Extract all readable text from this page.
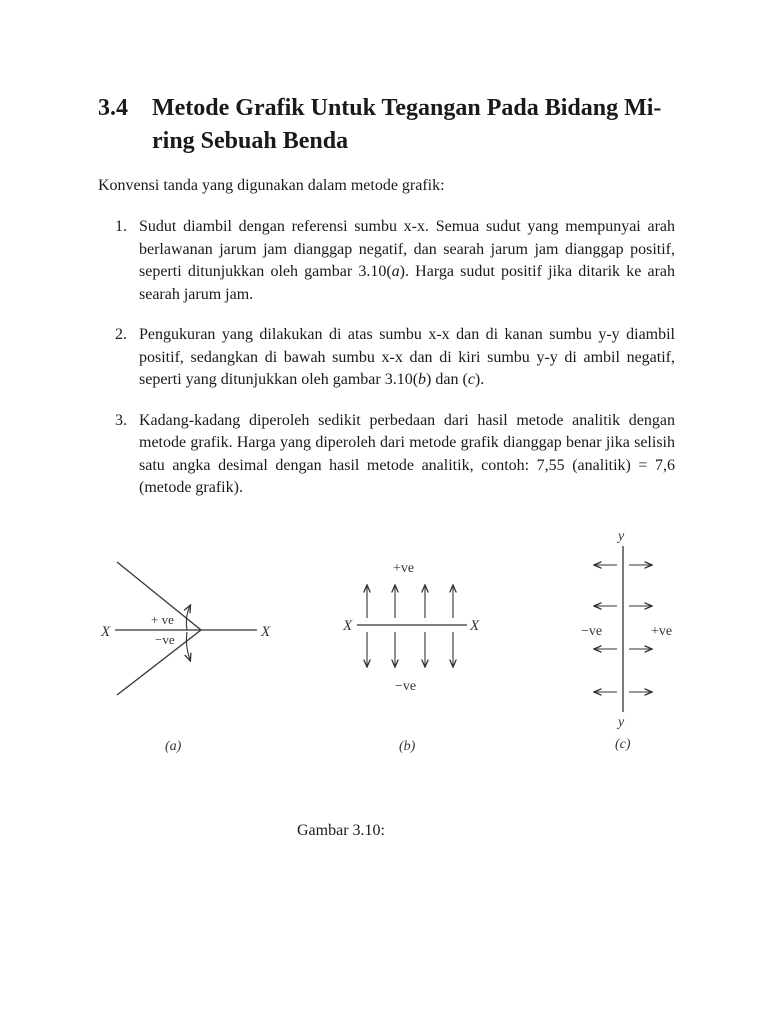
3.4 Metode Grafik Untuk Tegangan Pada Bidang Mi-
ring Sebuah Benda
Konvensi tanda yang digunakan dalam metode grafik:
1. Sudut diambil dengan referensi sumbu x-x. Semua sudut yang mempunyai arah berlawanan jarum jam dianggap negatif, dan searah jarum jam dianggap positif, seperti ditunjukkan oleh gambar 3.10(a). Harga sudut positif jika ditarik ke arah searah jarum jam.
2. Pengukuran yang dilakukan di atas sumbu x-x dan di kanan sumbu y-y diambil positif, sedangkan di bawah sumbu x-x dan di kiri sumbu y-y di ambil negatif, seperti yang ditunjukkan oleh gambar 3.10(b) dan (c).
3. Kadang-kadang diperoleh sedikit perbedaan dari hasil metode analitik dengan metode grafik. Harga yang diperoleh dari metode grafik dianggap benar jika selisih satu angka desimal dengan hasil metode analitik, contoh: 7,55 (analitik) = 7,6 (metode grafik).
X	X
+ ve
−ve
(a)
X	X
+ve
−ve
(b)
y
y
−ve	+ve
(c)
Gambar 3.10:
